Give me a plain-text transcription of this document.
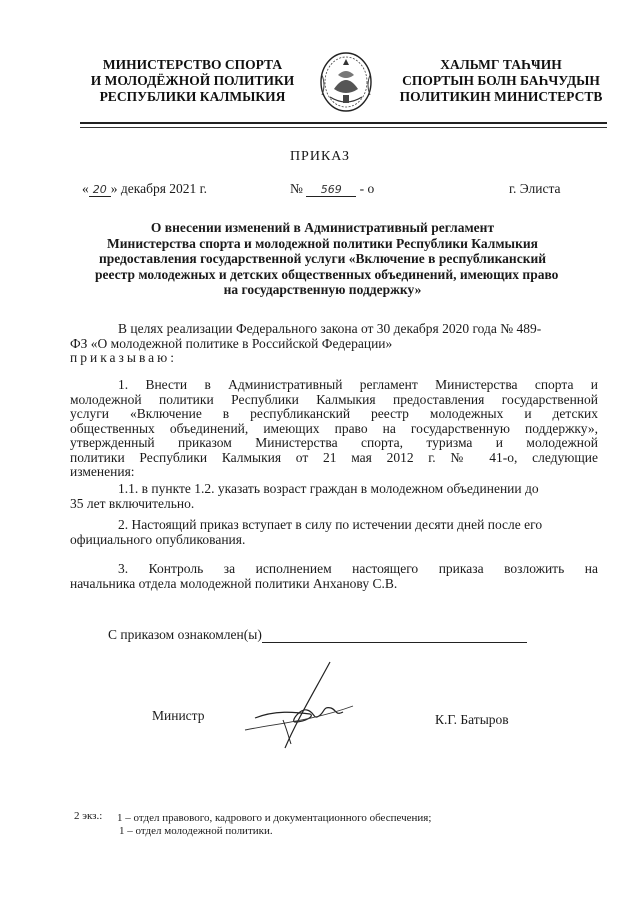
МИНИСТЕРСТВО СПОРТА
И МОЛОДЁЖНОЙ ПОЛИТИКИ
РЕСПУБЛИКИ КАЛМЫКИЯ
ХАЛЬМГ ТАҺҸИН
СПОРТЫН БОЛН БАҺЧУДЫН
ПОЛИТИКИН МИНИСТЕРСТВ
ПРИКАЗ
« 20 » декабря 2021 г.	№ 569 - о	г. Элиста
О внесении изменений в Административный регламент
Министерства спорта и молодежной политики Республики Калмыкия
предоставления государственной услуги «Включение в республиканский
реестр молодежных и детских общественных объединений, имеющих право
на государственную поддержку»
В целях реализации Федерального закона от 30 декабря 2020 года № 489-
ФЗ «О молодежной политике в Российской Федерации»
приказываю:
1. Внести в Административный регламент Министерства спорта и
молодежной политики Республики Калмыкия предоставления государственной
услуги «Включение в республиканский реестр молодежных и детских
общественных объединений, имеющих право на государственную поддержку»,
утвержденный приказом Министерства спорта, туризма и молодежной
политики Республики Калмыкия от 21 мая 2012 г. № 41-о, следующие
изменения:
1.1. в пункте 1.2. указать возраст граждан в молодежном объединении до
35 лет включительно.
2. Настоящий приказ вступает в силу по истечении десяти дней после его
официального опубликования.
3. Контроль за исполнением настоящего приказа возложить на
начальника отдела молодежной политики Анханову С.В.
С приказом ознакомлен(ы)
Министр	К.Г. Батыров
2 экз.: 1 – отдел правового, кадрового и документационного обеспечения;
1 – отдел молодежной политики.
